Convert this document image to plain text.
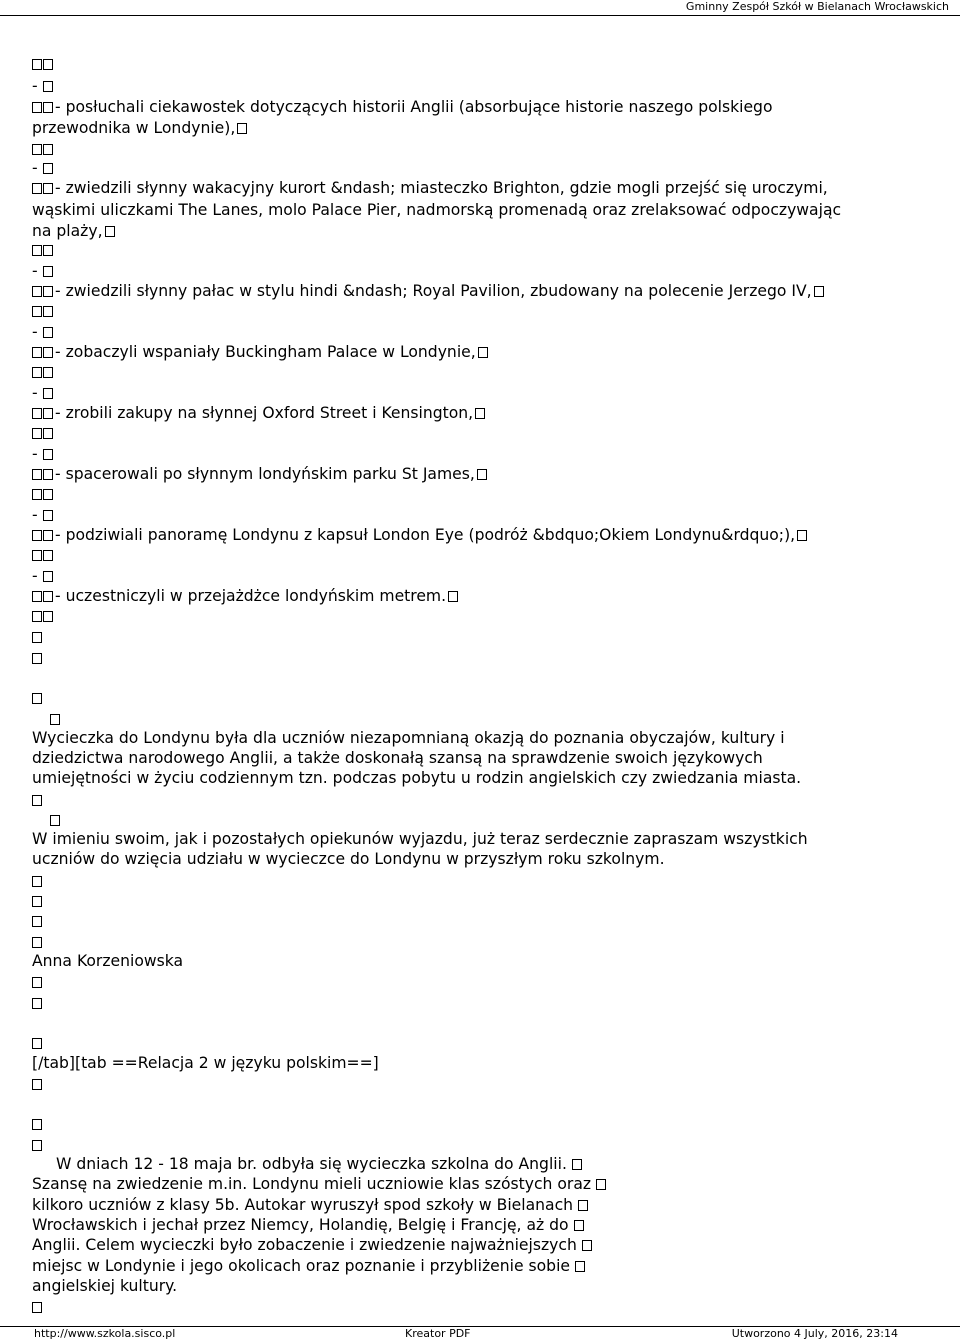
Gminny Zespół Szkół w Bielanach Wrocławskich
-
- posłuchali ciekawostek dotyczących historii Anglii (absorbujące historie naszego polskiego
przewodnika w Londynie),
-
- zwiedzili słynny wakacyjny kurort &ndash; miasteczko Brighton, gdzie mogli przejść się uroczymi,
wąskimi uliczkami The Lanes, molo Palace Pier, nadmorską promenadą oraz zrelaksować odpoczywając
na plaży,
-
- zwiedzili słynny pałac w stylu hindi &ndash; Royal Pavilion, zbudowany na polecenie Jerzego IV,
-
- zobaczyli wspaniały Buckingham Palace w Londynie,
-
- zrobili zakupy na słynnej Oxford Street i Kensington,
-
- spacerowali po słynnym londyńskim parku St James,
-
- podziwiali panoramę Londynu z kapsuł London Eye (podróż &bdquo;Okiem Londynu&rdquo;),
-
- uczestniczyli w przejażdżce londyńskim metrem.
Wycieczka do Londynu była dla uczniów niezapomnianą okazją do poznania obyczajów, kultury i
dziedzictwa narodowego Anglii, a także doskonałą szansą na sprawdzenie swoich językowych
umiejętności w życiu codziennym tzn. podczas pobytu u rodzin angielskich czy zwiedzania miasta.
W imieniu swoim, jak i pozostałych opiekunów wyjazdu, już teraz serdecznie zapraszam wszystkich
uczniów do wzięcia udziału w wycieczce do Londynu w przyszłym roku szkolnym.
Anna Korzeniowska
[/tab][tab ==Relacja 2 w języku polskim==]
W dniach 12 - 18 maja br. odbyła się wycieczka szkolna do Anglii.
Szansę na zwiedzenie m.in. Londynu mieli uczniowie klas szóstych oraz
kilkoro uczniów z klasy 5b. Autokar wyruszył spod szkoły w Bielanach
Wrocławskich i jechał przez Niemcy, Holandię, Belgię i Francję, aż do
Anglii. Celem wycieczki było zobaczenie i zwiedzenie najważniejszych
miejsc w Londynie i jego okolicach oraz poznanie i przybliżenie sobie
angielskiej kultury.
http://www.szkola.sisco.pl	Kreator PDF	Utworzono 4 July, 2016, 23:14
